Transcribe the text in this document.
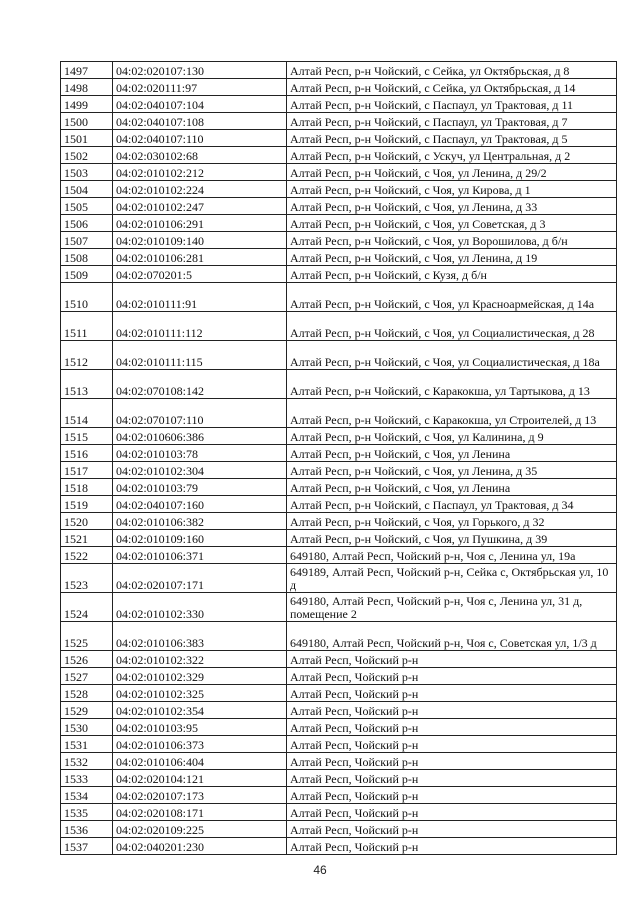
1497	04:02:020107:130	Алтай Респ, р-н Чойский, с Сейка, ул Октябрьская, д 8
1498	04:02:020111:97	Алтай Респ, р-н Чойский, с Сейка, ул Октябрьская, д 14
1499	04:02:040107:104	Алтай Респ, р-н Чойский, с Паспаул, ул Трактовая, д 11
1500	04:02:040107:108	Алтай Респ, р-н Чойский, с Паспаул, ул Трактовая, д 7
1501	04:02:040107:110	Алтай Респ, р-н Чойский, с Паспаул, ул Трактовая, д 5
1502	04:02:030102:68	Алтай Респ, р-н Чойский, с Ускуч, ул Центральная, д 2
1503	04:02:010102:212	Алтай Респ, р-н Чойский, с Чоя, ул Ленина, д 29/2
1504	04:02:010102:224	Алтай Респ, р-н Чойский, с Чоя, ул Кирова, д 1
1505	04:02:010102:247	Алтай Респ, р-н Чойский, с Чоя, ул Ленина, д 33
1506	04:02:010106:291	Алтай Респ, р-н Чойский, с Чоя, ул Советская, д 3
1507	04:02:010109:140	Алтай Респ, р-н Чойский, с Чоя, ул Ворошилова, д б/н
1508	04:02:010106:281	Алтай Респ, р-н Чойский, с Чоя, ул Ленина, д 19
1509	04:02:070201:5	Алтай Респ, р-н Чойский, с Кузя, д б/н
1510	04:02:010111:91	Алтай Респ, р-н Чойский, с Чоя, ул Красноармейская, д 14а
1511	04:02:010111:112	Алтай Респ, р-н Чойский, с Чоя, ул Социалистическая, д 28
1512	04:02:010111:115	Алтай Респ, р-н Чойский, с Чоя, ул Социалистическая, д 18а
1513	04:02:070108:142	Алтай Респ, р-н Чойский, с Каракокша, ул Тартыкова, д 13
1514	04:02:070107:110	Алтай Респ, р-н Чойский, с Каракокша, ул Строителей, д 13
1515	04:02:010606:386	Алтай Респ, р-н Чойский, с Чоя, ул Калинина, д 9
1516	04:02:010103:78	Алтай Респ, р-н Чойский, с Чоя, ул Ленина
1517	04:02:010102:304	Алтай Респ, р-н Чойский, с Чоя, ул Ленина, д 35
1518	04:02:010103:79	Алтай Респ, р-н Чойский, с Чоя, ул Ленина
1519	04:02:040107:160	Алтай Респ, р-н Чойский, с Паспаул, ул Трактовая, д 34
1520	04:02:010106:382	Алтай Респ, р-н Чойский, с Чоя, ул Горького, д 32
1521	04:02:010109:160	Алтай Респ, р-н Чойский, с Чоя, ул Пушкина, д 39
1522	04:02:010106:371	649180, Алтай Респ, Чойский р-н, Чоя с, Ленина ул, 19а
1523	04:02:020107:171	649189, Алтай Респ, Чойский р-н, Сейка с, Октябрьская ул, 10 д
1524	04:02:010102:330	649180, Алтай Респ, Чойский р-н, Чоя с, Ленина ул, 31 д, помещение 2
1525	04:02:010106:383	649180, Алтай Респ, Чойский р-н, Чоя с, Советская ул, 1/3 д
1526	04:02:010102:322	Алтай Респ, Чойский р-н
1527	04:02:010102:329	Алтай Респ, Чойский р-н
1528	04:02:010102:325	Алтай Респ, Чойский р-н
1529	04:02:010102:354	Алтай Респ, Чойский р-н
1530	04:02:010103:95	Алтай Респ, Чойский р-н
1531	04:02:010106:373	Алтай Респ, Чойский р-н
1532	04:02:010106:404	Алтай Респ, Чойский р-н
1533	04:02:020104:121	Алтай Респ, Чойский р-н
1534	04:02:020107:173	Алтай Респ, Чойский р-н
1535	04:02:020108:171	Алтай Респ, Чойский р-н
1536	04:02:020109:225	Алтай Респ, Чойский р-н
1537	04:02:040201:230	Алтай Респ, Чойский р-н
46
